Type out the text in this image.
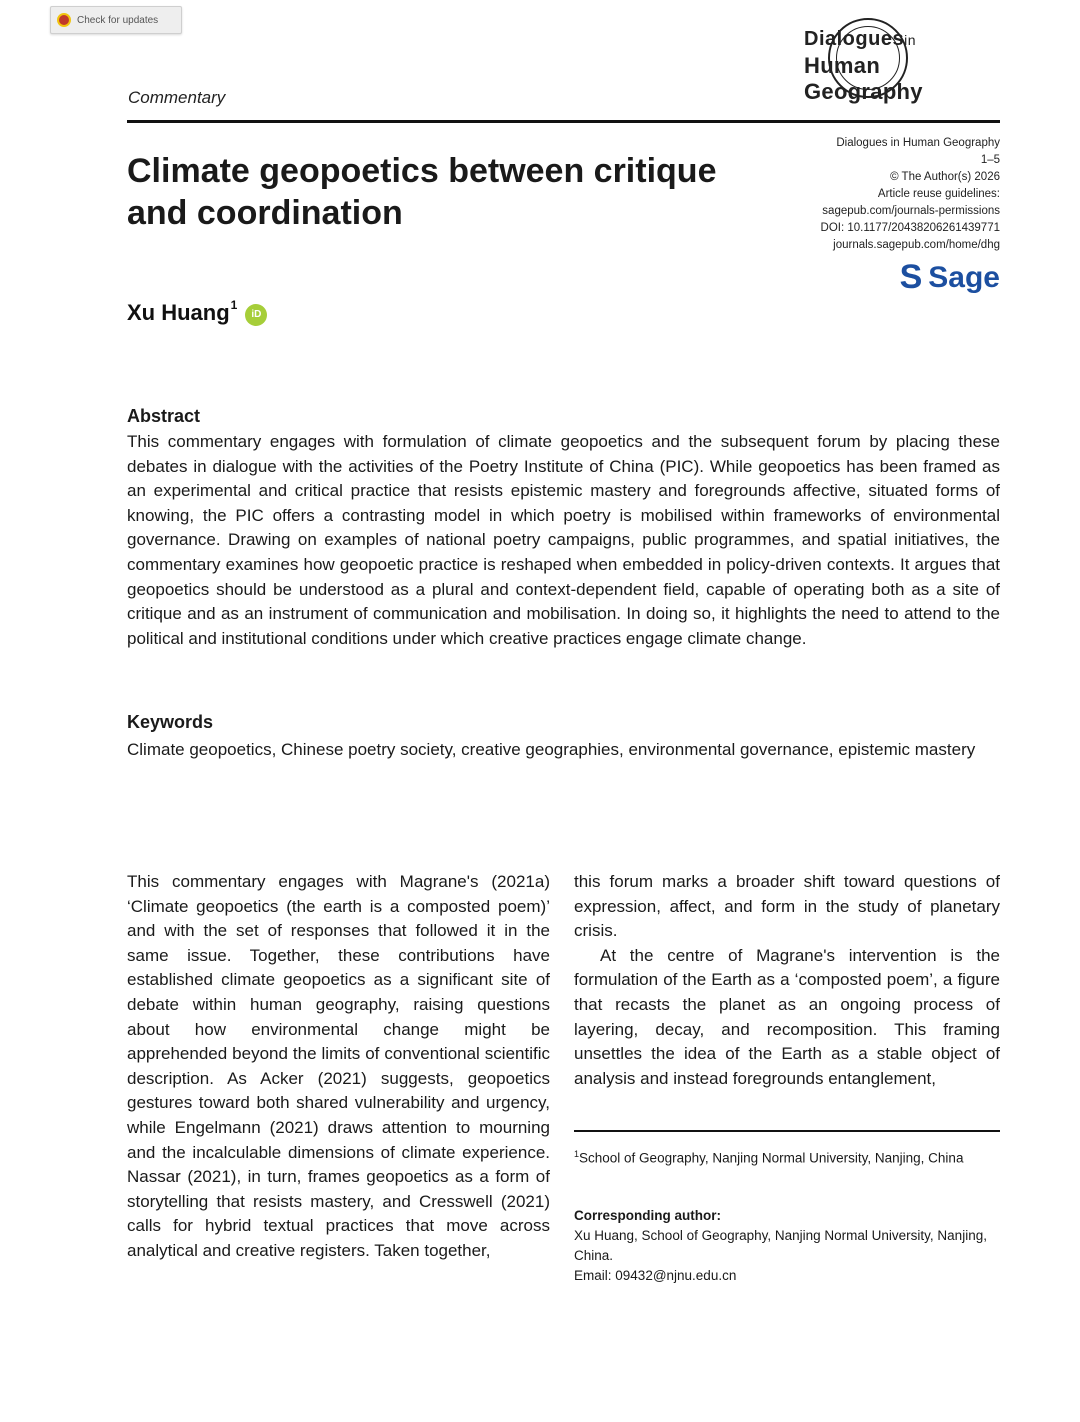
Check for updates
Dialoguesin
Human Geography
Commentary
Climate geopoetics between critique and coordination
Dialogues in Human Geography
1–5
© The Author(s) 2026
Article reuse guidelines:
sagepub.com/journals-permissions
DOI: 10.1177/20438206261439771
journals.sagepub.com/home/dhg
S Sage
Xu Huang$^1$
iD
Abstract

This commentary engages with formulation of climate geopoetics and the subsequent forum by placing these debates in dialogue with the activities of the Poetry Institute of China (PIC). While geopoetics has been framed as an experimental and critical practice that resists epistemic mastery and foregrounds affective, situated forms of knowing, the PIC offers a contrasting model in which poetry is mobilised within frameworks of environmental governance. Drawing on examples of national poetry campaigns, public programmes, and spatial initiatives, the commentary examines how geopoetic practice is reshaped when embedded in policy-driven contexts. It argues that geopoetics should be understood as a plural and context-dependent field, capable of operating both as a site of critique and as an instrument of communication and mobilisation. In doing so, it highlights the need to attend to the political and institutional conditions under which creative practices engage climate change.

Keywords

Climate geopoetics, Chinese poetry society, creative geographies, environmental governance, epistemic mastery

This commentary engages with Magrane's (2021a) ‘Climate geopoetics (the earth is a composted poem)’ and with the set of responses that followed it in the same issue. Together, these contributions have established climate geopoetics as a significant site of debate within human geography, raising questions about how environmental change might be apprehended beyond the limits of conventional scientific description. As Acker (2021) suggests, geopoetics gestures toward both shared vulnerability and urgency, while Engelmann (2021) draws attention to mourning and the incalculable dimensions of climate experience. Nassar (2021), in turn, frames geopoetics as a form of storytelling that resists mastery, and Cresswell (2021) calls for hybrid textual practices that move across analytical and creative registers. Taken together,

this forum marks a broader shift toward questions of expression, affect, and form in the study of planetary crisis.

At the centre of Magrane's intervention is the formulation of the Earth as a ‘composted poem’, a figure that recasts the planet as an ongoing process of layering, decay, and recomposition. This framing unsettles the idea of the Earth as a stable object of analysis and instead foregrounds entanglement,

$^1$School of Geography, Nanjing Normal University, Nanjing, China

Corresponding author:
Xu Huang, School of Geography, Nanjing Normal University, Nanjing, China.
Email: 09432@njnu.edu.cn
